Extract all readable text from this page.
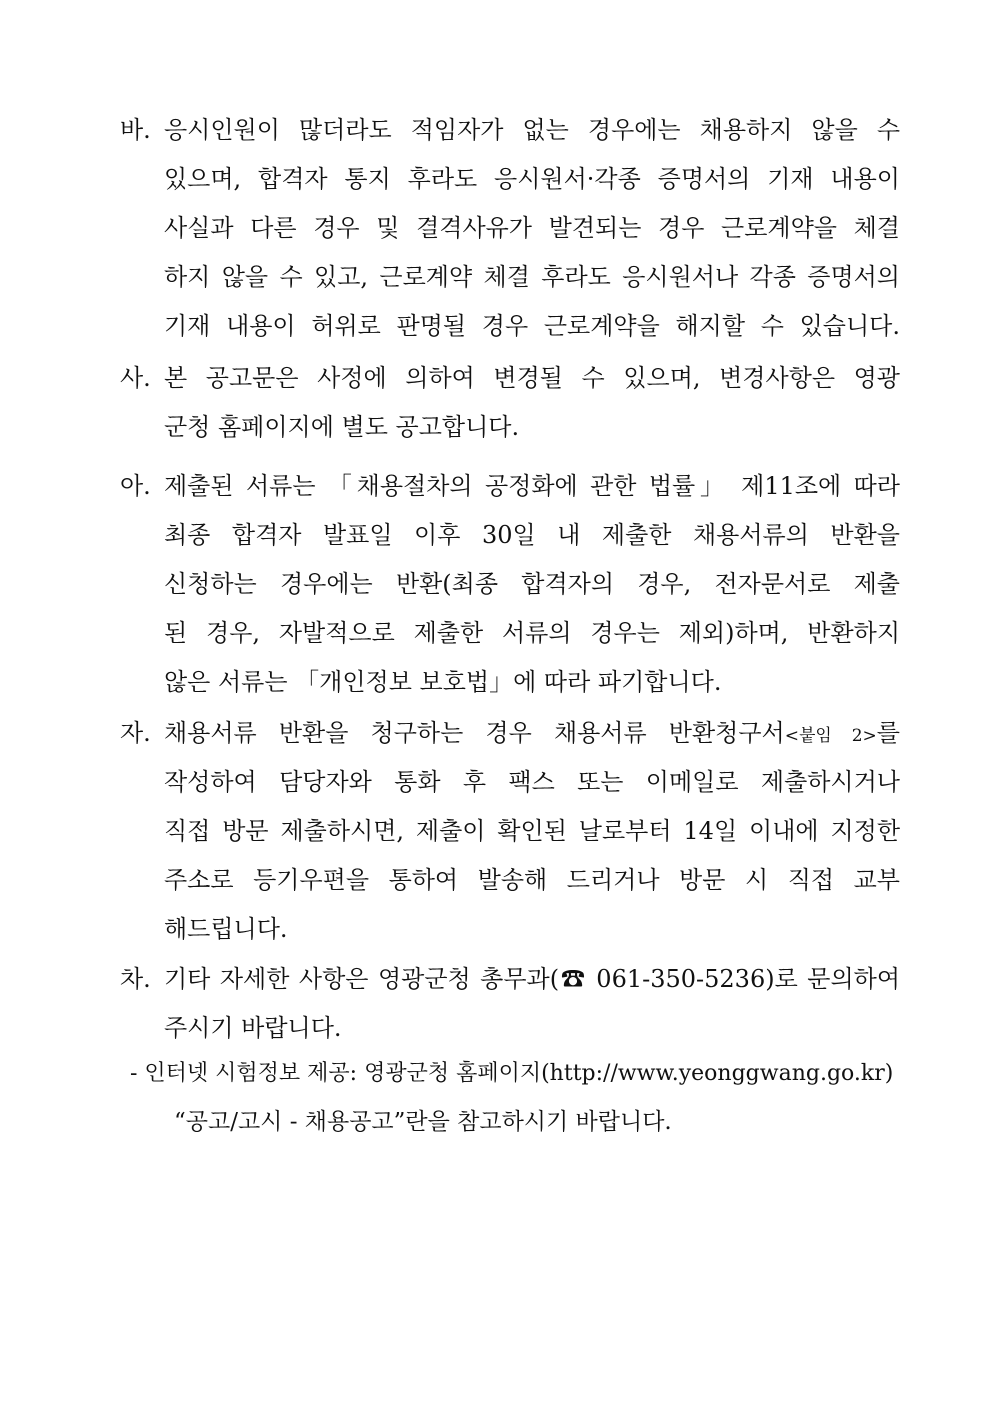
바. 응시인원이 많더라도 적임자가 없는 경우에는 채용하지 않을 수
있으며, 합격자 통지 후라도 응시원서·각종 증명서의 기재 내용이
사실과 다른 경우 및 결격사유가 발견되는 경우 근로계약을 체결
하지 않을 수 있고, 근로계약 체결 후라도 응시원서나 각종 증명서의
기재 내용이 허위로 판명될 경우 근로계약을 해지할 수 있습니다.
사. 본 공고문은 사정에 의하여 변경될 수 있으며, 변경사항은 영광
군청 홈페이지에 별도 공고합니다.
아. 제출된 서류는 「채용절차의 공정화에 관한 법률」 제11조에 따라
최종 합격자 발표일 이후 30일 내 제출한 채용서류의 반환을
신청하는 경우에는 반환(최종 합격자의 경우, 전자문서로 제출
된 경우, 자발적으로 제출한 서류의 경우는 제외)하며, 반환하지
않은 서류는 「개인정보 보호법」에 따라 파기합니다.
자. 채용서류 반환을 청구하는 경우 채용서류 반환청구서<붙임 2>를
작성하여 담당자와 통화 후 팩스 또는 이메일로 제출하시거나
직접 방문 제출하시면, 제출이 확인된 날로부터 14일 이내에 지정한
주소로 등기우편을 통하여 발송해 드리거나 방문 시 직접 교부
해드립니다.
차. 기타 자세한 사항은 영광군청 총무과(☎ 061-350-5236)로 문의하여
주시기 바랍니다.
- 인터넷 시험정보 제공: 영광군청 홈페이지(http://www.yeonggwang.go.kr)
“공고/고시 - 채용공고”란을 참고하시기 바랍니다.
